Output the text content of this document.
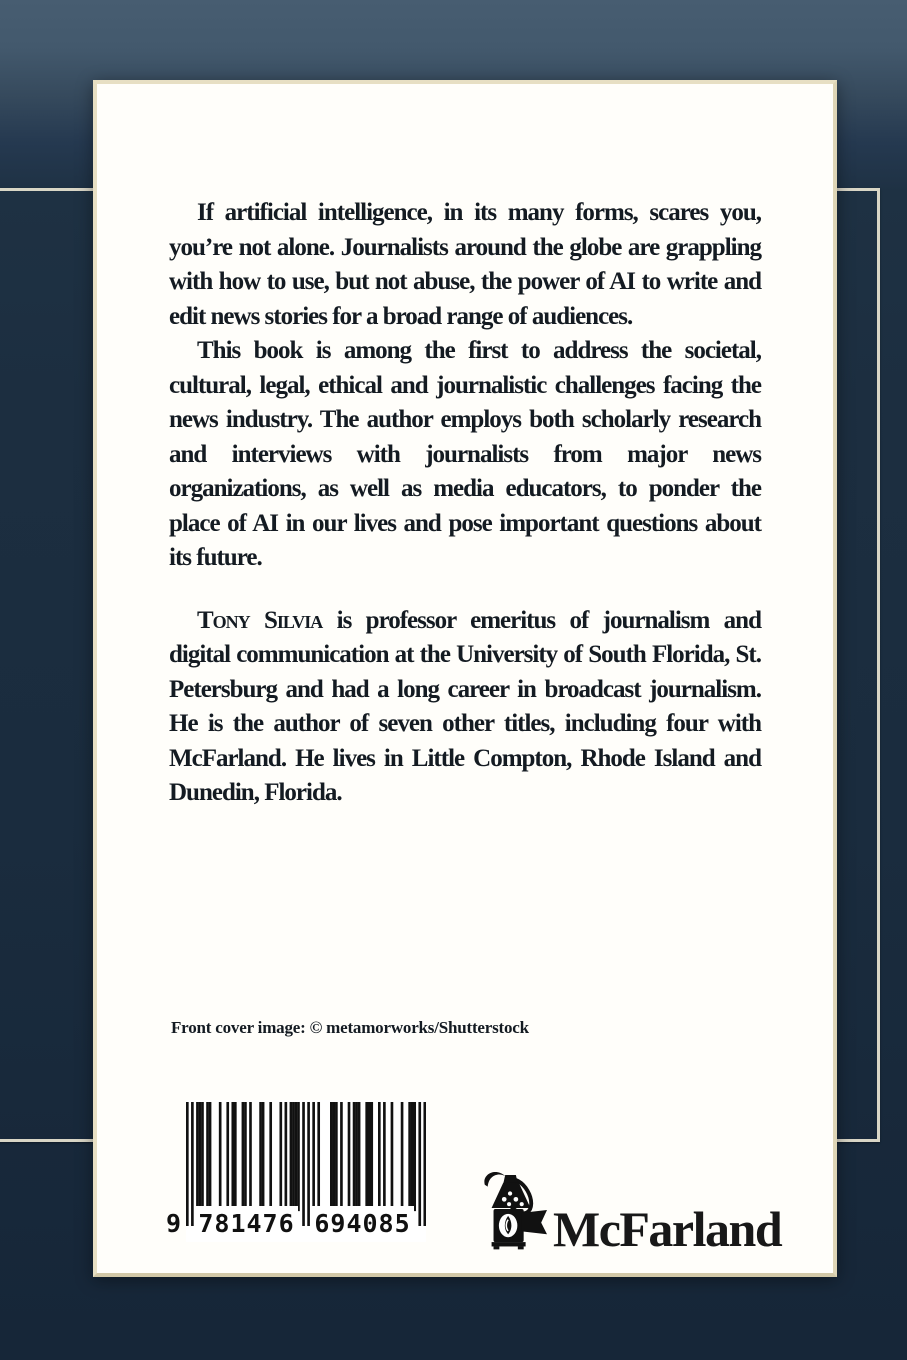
If artificial intelligence, in its many forms, scares you, you’re not alone. Journalists around the globe are grappling with how to use, but not abuse, the power of AI to write and edit news stories for a broad range of audiences.

This book is among the first to address the societal, cultural, legal, ethical and journalistic challenges facing the news industry. The author employs both scholarly research and interviews with journalists from major news organizations, as well as media educators, to ponder the place of AI in our lives and pose important questions about its future.

Tony Silvia is professor emeritus of journalism and digital communication at the University of South Florida, St. Petersburg and had a long career in broadcast journalism. He is the author of seven other titles, including four with McFarland. He lives in Little Compton, Rhode Island and Dunedin, Florida.

Front cover image: © metamorworks/Shutterstock
9 781476 694085	McFarland
